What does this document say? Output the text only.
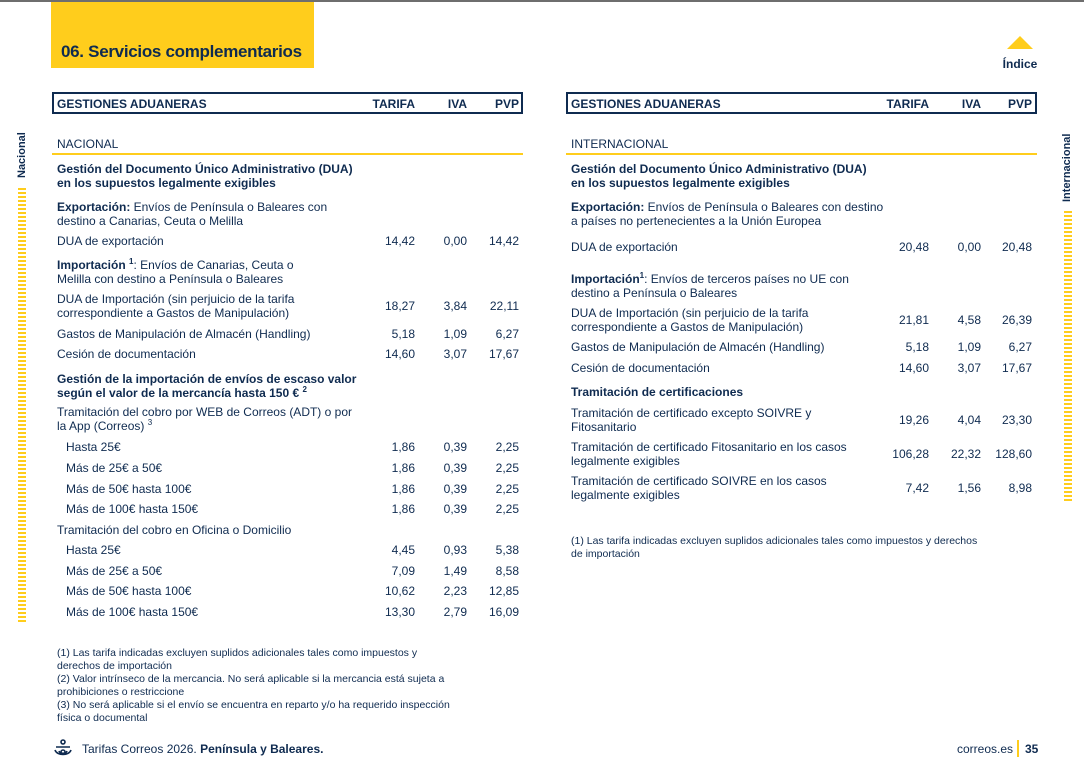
06. Servicios complementarios
Índice
Nacional	Internacional
GESTIONES ADUANERAS	TARIFA	IVA	PVP
NACIONAL
Gestión del Documento Único Administrativo (DUA)
en los supuestos legalmente exigibles
Exportación: Envíos de Península o Baleares con
destino a Canarias, Ceuta o Melilla
DUA de exportación	14,42	0,00	14,42
Importación $^1$: Envíos de Canarias, Ceuta o
Melilla con destino a Península o Baleares
DUA de Importación (sin perjuicio de la tarifa
correspondiente a Gastos de Manipulación)	18,27	3,84	22,11
Gastos de Manipulación de Almacén (Handling)	5,18	1,09	6,27
Cesión de documentación	14,60	3,07	17,67
Gestión de la importación de envíos de escaso valor
según el valor de la mercancía hasta 150 € $^2$
Tramitación del cobro por WEB de Correos (ADT) o por
la App (Correos) $^3$
Hasta 25€	1,86	0,39	2,25
Más de 25€ a 50€	1,86	0,39	2,25
Más de 50€ hasta 100€	1,86	0,39	2,25
Más de 100€ hasta 150€	1,86	0,39	2,25
Tramitación del cobro en Oficina o Domicilio
Hasta 25€	4,45	0,93	5,38
Más de 25€ a 50€	7,09	1,49	8,58
Más de 50€ hasta 100€	10,62	2,23	12,85
Más de 100€ hasta 150€	13,30	2,79	16,09
GESTIONES ADUANERAS	TARIFA	IVA	PVP
INTERNACIONAL
Gestión del Documento Único Administrativo (DUA)
en los supuestos legalmente exigibles
Exportación: Envíos de Península o Baleares con destino
a países no pertenecientes a la Unión Europea
DUA de exportación	20,48	0,00	20,48
Importación$^1$: Envíos de terceros países no UE con
destino a Península o Baleares
DUA de Importación (sin perjuicio de la tarifa
correspondiente a Gastos de Manipulación)	21,81	4,58	26,39
Gastos de Manipulación de Almacén (Handling)	5,18	1,09	6,27
Cesión de documentación	14,60	3,07	17,67
Tramitación de certificaciones
Tramitación de certificado excepto SOIVRE y
Fitosanitario	19,26	4,04	23,30
Tramitación de certificado Fitosanitario en los casos
legalmente exigibles	106,28	22,32	128,60
Tramitación de certificado SOIVRE en los casos
legalmente exigibles	7,42	1,56	8,98
(1) Las tarifa indicadas excluyen suplidos adicionales tales como impuestos y
derechos de importación
(2) Valor intrínseco de la mercancia. No será aplicable si la mercancia está sujeta a
prohibiciones o restriccione
(3) No será aplicable si el envío se encuentra en reparto y/o ha requerido inspección
física o documental
(1) Las tarifa indicadas excluyen suplidos adicionales tales como impuestos y derechos
de importación
Tarifas Correos 2026. Península y Baleares.	correos.es 35
